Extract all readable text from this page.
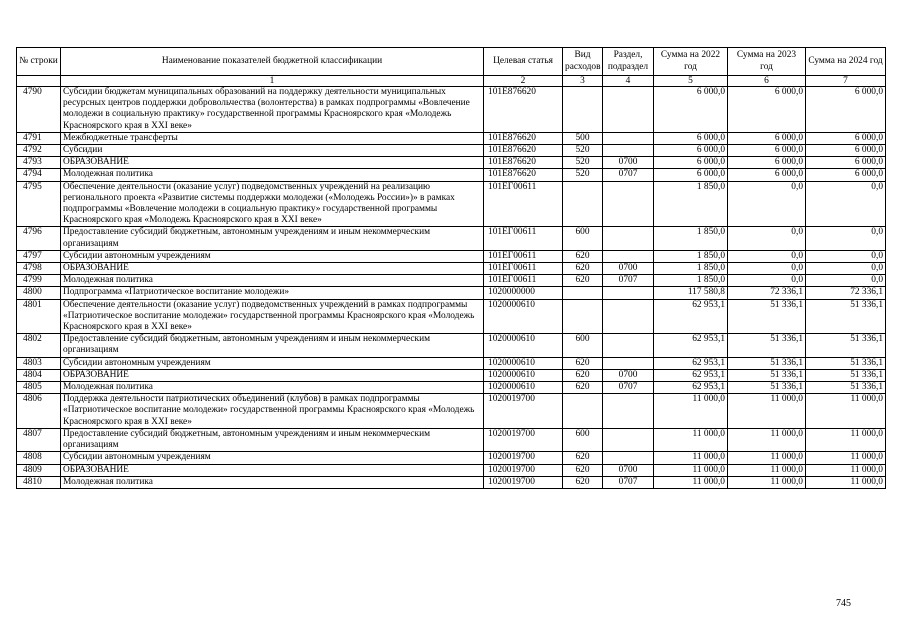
№ строки	Наименование показателей бюджетной классификации	Целевая статья	Вид расходов	Раздел, подраздел	Сумма на 2022 год	Сумма на 2023 год	Сумма на 2024 год
	1	2	3	4	5	6	7
4790	Субсидии бюджетам муниципальных образований на поддержку деятельности муниципальных ресурсных центров поддержки добровольчества (волонтерства) в рамках подпрограммы «Вовлечение молодежи в социальную практику» государственной программы Красноярского края «Молодежь Красноярского края в XXI веке»	101E876620			6 000,0	6 000,0	6 000,0
4791	Межбюджетные трансферты	101E876620	500		6 000,0	6 000,0	6 000,0
4792	Субсидии	101E876620	520		6 000,0	6 000,0	6 000,0
4793	ОБРАЗОВАНИЕ	101E876620	520	0700	6 000,0	6 000,0	6 000,0
4794	Молодежная политика	101E876620	520	0707	6 000,0	6 000,0	6 000,0
4795	Обеспечение деятельности (оказание услуг) подведомственных учреждений на реализацию регионального проекта «Развитие системы поддержки молодежи («Молодежь России»)» в рамках подпрограммы «Вовлечение молодежи в социальную практику» государственной программы Красноярского края «Молодежь Красноярского края в XXI веке»	101EГ00611			1 850,0	0,0	0,0
4796	Предоставление субсидий бюджетным, автономным учреждениям и иным некоммерческим организациям	101EГ00611	600		1 850,0	0,0	0,0
4797	Субсидии автономным учреждениям	101EГ00611	620		1 850,0	0,0	0,0
4798	ОБРАЗОВАНИЕ	101EГ00611	620	0700	1 850,0	0,0	0,0
4799	Молодежная политика	101EГ00611	620	0707	1 850,0	0,0	0,0
4800	Подпрограмма «Патриотическое воспитание молодежи»	1020000000			117 580,8	72 336,1	72 336,1
4801	Обеспечение деятельности (оказание услуг) подведомственных учреждений в рамках подпрограммы «Патриотическое воспитание молодежи» государственной программы Красноярского края «Молодежь Красноярского края в XXI веке»	1020000610			62 953,1	51 336,1	51 336,1
4802	Предоставление субсидий бюджетным, автономным учреждениям и иным некоммерческим организациям	1020000610	600		62 953,1	51 336,1	51 336,1
4803	Субсидии автономным учреждениям	1020000610	620		62 953,1	51 336,1	51 336,1
4804	ОБРАЗОВАНИЕ	1020000610	620	0700	62 953,1	51 336,1	51 336,1
4805	Молодежная политика	1020000610	620	0707	62 953,1	51 336,1	51 336,1
4806	Поддержка деятельности патриотических объединений (клубов) в рамках подпрограммы «Патриотическое воспитание молодежи» государственной программы Красноярского края «Молодежь Красноярского края в XXI веке»	1020019700			11 000,0	11 000,0	11 000,0
4807	Предоставление субсидий бюджетным, автономным учреждениям и иным некоммерческим организациям	1020019700	600		11 000,0	11 000,0	11 000,0
4808	Субсидии автономным учреждениям	1020019700	620		11 000,0	11 000,0	11 000,0
4809	ОБРАЗОВАНИЕ	1020019700	620	0700	11 000,0	11 000,0	11 000,0
4810	Молодежная политика	1020019700	620	0707	11 000,0	11 000,0	11 000,0
745
